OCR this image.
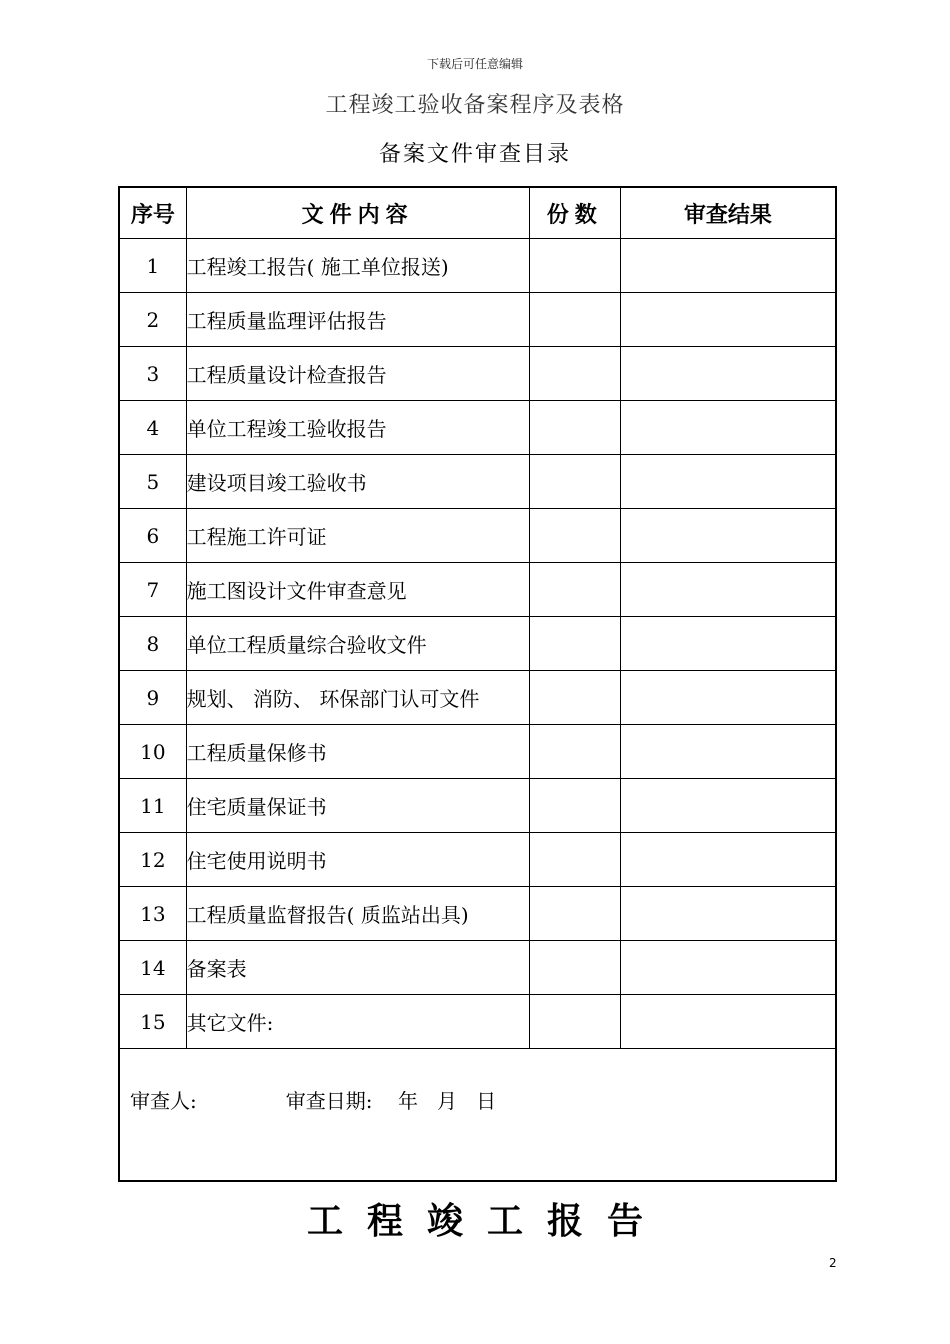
下载后可任意编辑
工程竣工验收备案程序及表格
备案文件审查目录
序号	文件内容	份数	审查结果
1	工程竣工报告( 施工单位报送)		
2	工程质量监理评估报告		
3	工程质量设计检查报告		
4	单位工程竣工验收报告		
5	建设项目竣工验收书		
6	工程施工许可证		
7	施工图设计文件审查意见		
8	单位工程质量综合验收文件		
9	规划、 消防、 环保部门认可文件		
10	工程质量保修书		
11	住宅质量保证书		
12	住宅使用说明书		
13	工程质量监督报告( 质监站出具)		
14	备案表		
15	其它文件:		

审查人: 审查日期: 年 月 日			
工程竣工报告
2
